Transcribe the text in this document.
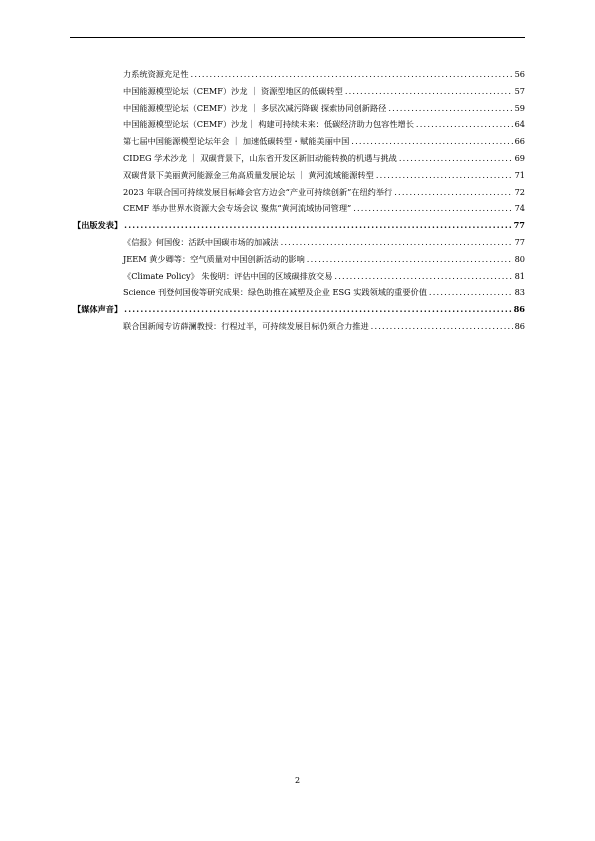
力系统资源充足性 .....	56
中国能源模型论坛（CEMF）沙龙 ｜ 资源型地区的低碳转型 .....	57
中国能源模型论坛（CEMF）沙龙 ｜ 多层次减污降碳 探索协同创新路径 .....	59
中国能源模型论坛（CEMF）沙龙｜ 构建可持续未来：低碳经济助力包容性增长 .....	64
第七届中国能源模型论坛年会 ｜ 加速低碳转型・赋能美丽中国 .....	66
CIDEG 学术沙龙 ｜ 双碳背景下，山东省开发区新旧动能转换的机遇与挑战 .....	69
双碳背景下美丽黄河能源金三角高质量发展论坛 ｜ 黄河流域能源转型 .....	71
2023 年联合国可持续发展目标峰会官方边会“产业可持续创新”在纽约举行 .....	72
CEMF 举办世界水资源大会专场会议 聚焦“黄河流域协同管理” .....	74
【出版发表】 .....	77
《信报》何国俊：活跃中国碳市场的加减法 .....	77
JEEM 黄少卿等：空气质量对中国创新活动的影响 .....	80
《Climate Policy》 朱俊明：评估中国的区域碳排放交易 .....	81
Science 刊登何国俊等研究成果：绿色助推在减塑及企业 ESG 实践领域的重要价值 .....	83
【媒体声音】 .....	86
联合国新闻专访薛澜教授：行程过半，可持续发展目标仍须合力推进 .....	86
2
